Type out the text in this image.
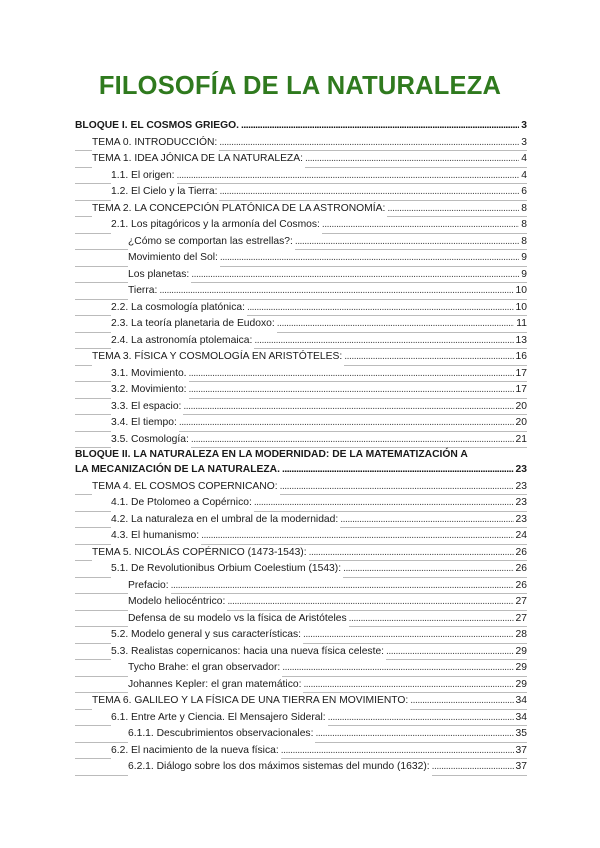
FILOSOFÍA DE LA NATURALEZA
BLOQUE I. EL COSMOS GRIEGO. .....	3
TEMA 0. INTRODUCCIÓN: .....	3
TEMA 1. IDEA JÓNICA DE LA NATURALEZA: .....	4
1.1. El origen: .....	4
1.2. El Cielo y la Tierra: .....	6
TEMA 2. LA CONCEPCIÓN PLATÓNICA DE LA ASTRONOMÍA: .....	8
2.1. Los pitagóricos y la armonía del Cosmos: .....	8
¿Cómo se comportan las estrellas?: .....	8
Movimiento del Sol: .....	9
Los planetas: .....	9
Tierra: .....	10
2.2. La cosmología platónica: .....	10
2.3. La teoría planetaria de Eudoxo: .....	11
2.4. La astronomía ptolemaica: .....	13
TEMA 3. FÍSICA Y COSMOLOGÍA EN ARISTÓTELES: .....	16
3.1. Movimiento. .....	17
3.2. Movimiento: .....	17
3.3. El espacio: .....	20
3.4. El tiempo: .....	20
3.5. Cosmología: .....	21
BLOQUE II. LA NATURALEZA EN LA MODERNIDAD: DE LA MATEMATIZACIÓN A
LA MECANIZACIÓN DE LA NATURALEZA. .....	23
TEMA 4. EL COSMOS COPERNICANO: .....	23
4.1. De Ptolomeo a Copérnico: .....	23
4.2. La naturaleza en el umbral de la modernidad: .....	23
4.3. El humanismo: .....	24
TEMA 5. NICOLÁS COPÉRNICO (1473-1543): .....	26
5.1. De Revolutionibus Orbium Coelestium (1543): .....	26
Prefacio: .....	26
Modelo heliocéntrico: .....	27
Defensa de su modelo vs la física de Aristóteles .....	27
5.2. Modelo general y sus características: .....	28
5.3. Realistas copernicanos: hacia una nueva física celeste: .....	29
Tycho Brahe: el gran observador: .....	29
Johannes Kepler: el gran matemático: .....	29
TEMA 6. GALILEO Y LA FÍSICA DE UNA TIERRA EN MOVIMIENTO: .....	34
6.1. Entre Arte y Ciencia. El Mensajero Sideral: .....	34
6.1.1. Descubrimientos observacionales: .....	35
6.2. El nacimiento de la nueva física: .....	37
6.2.1. Diálogo sobre los dos máximos sistemas del mundo (1632): .....	37
